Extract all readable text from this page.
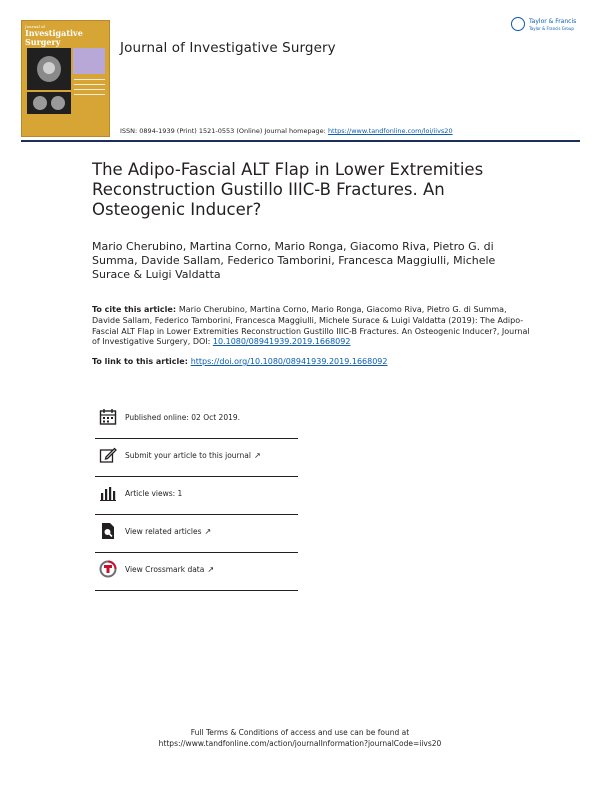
Journal of
Investigative Surgery	Journal of Investigative Surgery
Taylor & Francis
Taylor & Francis Group
ISSN: 0894-1939 (Print) 1521-0553 (Online) Journal homepage: https://www.tandfonline.com/loi/iivs20
The Adipo-Fascial ALT Flap in Lower Extremities Reconstruction Gustillo IIIC-B Fractures. An Osteogenic Inducer?
Mario Cherubino, Martina Corno, Mario Ronga, Giacomo Riva, Pietro G. di Summa, Davide Sallam, Federico Tamborini, Francesca Maggiulli, Michele Surace & Luigi Valdatta
To cite this article: Mario Cherubino, Martina Corno, Mario Ronga, Giacomo Riva, Pietro G. di Summa, Davide Sallam, Federico Tamborini, Francesca Maggiulli, Michele Surace & Luigi Valdatta (2019): The Adipo-Fascial ALT Flap in Lower Extremities Reconstruction Gustillo IIIC-B Fractures. An Osteogenic Inducer?, Journal of Investigative Surgery, DOI: 10.1080/08941939.2019.1668092
To link to this article: https://doi.org/10.1080/08941939.2019.1668092
Published online: 02 Oct 2019.
Submit your article to this journal ↗
Article views: 1
View related articles ↗
View Crossmark data ↗
Full Terms & Conditions of access and use can be found at
https://www.tandfonline.com/action/journalInformation?journalCode=iivs20
